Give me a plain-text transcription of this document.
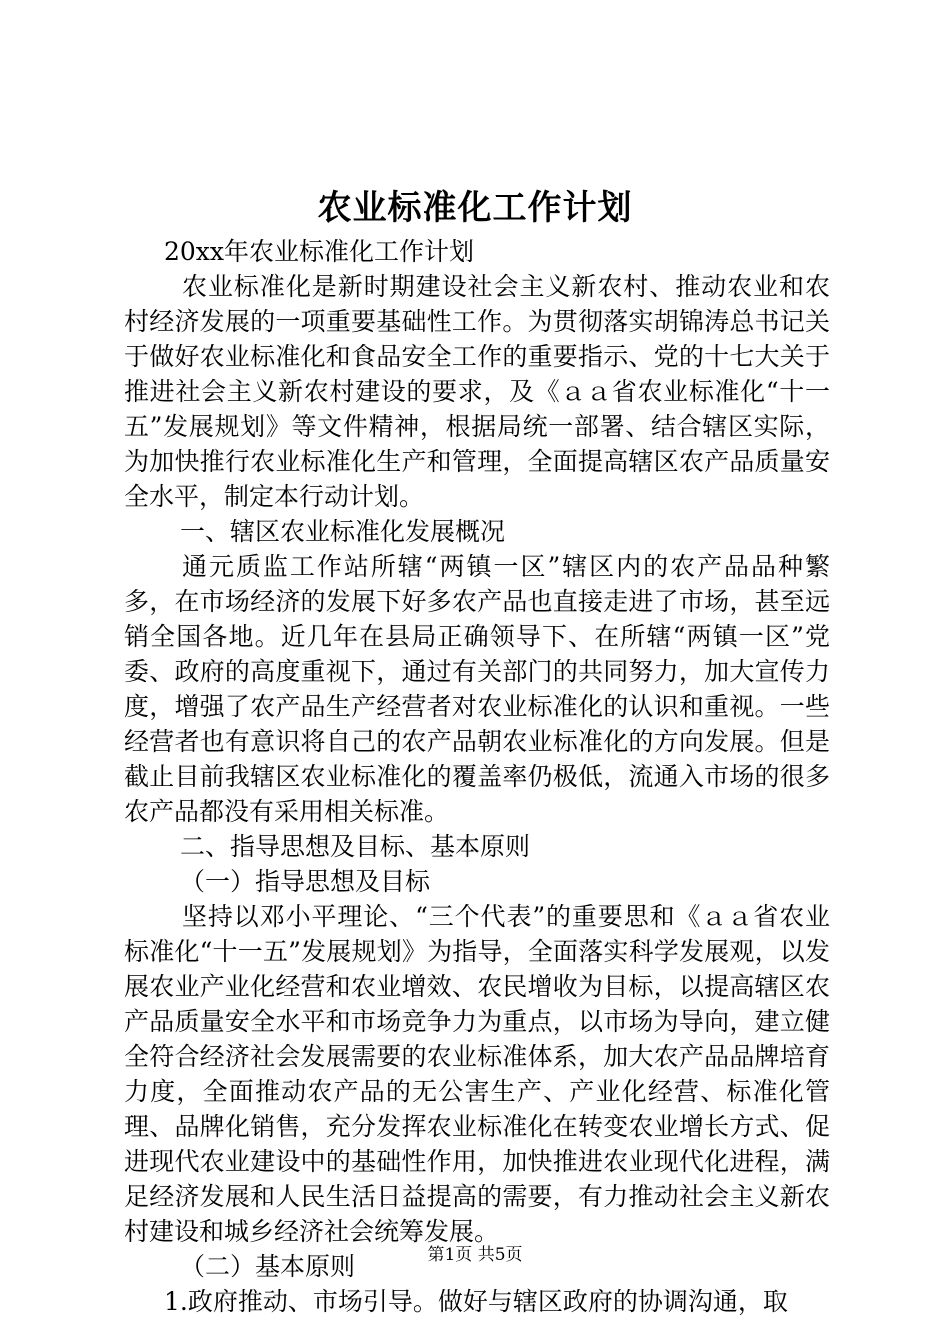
农业标准化工作计划

20xx年农业标准化工作计划

农业标准化是新时期建设社会主义新农村、推动农业和农村经济发展的一项重要基础性工作。为贯彻落实胡锦涛总书记关于做好农业标准化和食品安全工作的重要指示、党的十七大关于推进社会主义新农村建设的要求，及《ａａ省农业标准化“十一五”发展规划》等文件精神，根据局统一部署、结合辖区实际，为加快推行农业标准化生产和管理，全面提高辖区农产品质量安全水平，制定本行动计划。

一、辖区农业标准化发展概况

通元质监工作站所辖“两镇一区”辖区内的农产品品种繁多，在市场经济的发展下好多农产品也直接走进了市场，甚至远销全国各地。近几年在县局正确领导下、在所辖“两镇一区”党委、政府的高度重视下，通过有关部门的共同努力，加大宣传力度，增强了农产品生产经营者对农业标准化的认识和重视。一些经营者也有意识将自己的农产品朝农业标准化的方向发展。但是截止目前我辖区农业标准化的覆盖率仍极低，流通入市场的很多农产品都没有采用相关标准。

二、指导思想及目标、基本原则

（一）指导思想及目标

坚持以邓小平理论、“三个代表”的重要思和《ａａ省农业标准化“十一五”发展规划》为指导，全面落实科学发展观，以发展农业产业化经营和农业增效、农民增收为目标，以提高辖区农产品质量安全水平和市场竞争力为重点，以市场为导向，建立健全符合经济社会发展需要的农业标准体系，加大农产品品牌培育力度，全面推动农产品的无公害生产、产业化经营、标准化管理、品牌化销售，充分发挥农业标准化在转变农业增长方式、促进现代农业建设中的基础性作用，加快推进农业现代化进程，满足经济发展和人民生活日益提高的需要，有力推动社会主义新农村建设和城乡经济社会统筹发展。

（二）基本原则

1.政府推动、市场引导。做好与辖区政府的协调沟通，取

第1页 共5页
